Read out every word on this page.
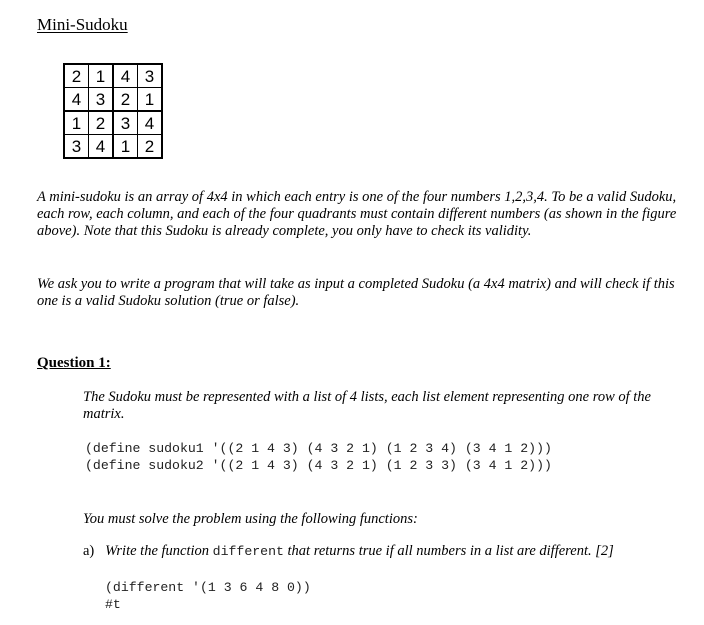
Mini-Sudoku
2	1	4	3
4	3	2	1
1	2	3	4
3	4	1	2
A mini-sudoku is an array of 4x4 in which each entry is one of the four numbers 1,2,3,4. To be a valid Sudoku, each row, each column, and each of the four quadrants must contain different numbers (as shown in the figure above). Note that this Sudoku is already complete, you only have to check its validity.
We ask you to write a program that will take as input a completed Sudoku (a 4x4 matrix) and will check if this one is a valid Sudoku solution (true or false).
Question 1:
The Sudoku must be represented with a list of 4 lists, each list element representing one row of the matrix.
(define sudoku1 '((2 1 4 3) (4 3 2 1) (1 2 3 4) (3 4 1 2)))
(define sudoku2 '((2 1 4 3) (4 3 2 1) (1 2 3 3) (3 4 1 2)))
You must solve the problem using the following functions:
a) Write the function different that returns true if all numbers in a list are different. [2]
(different '(1 3 6 4 8 0))
#t
